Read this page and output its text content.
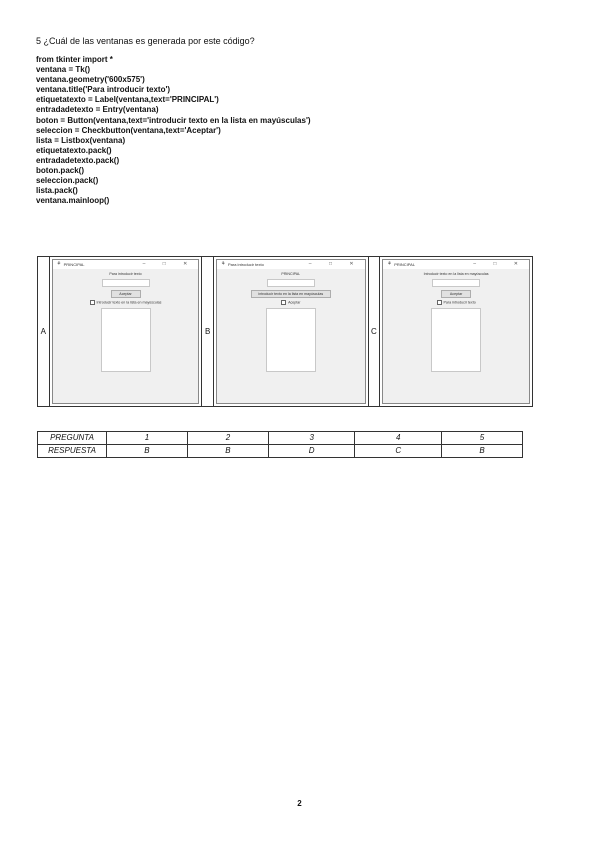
5 ¿Cuál de las ventanas es generada por este código?
from tkinter import *
ventana = Tk()
ventana.geometry('600x575')
ventana.title('Para introducir texto')
etiquetatexto = Label(ventana,text='PRINCIPAL')
entradadetexto = Entry(ventana)
boton = Button(ventana,text='introducir texto en la lista en mayúsculas')
seleccion = Checkbutton(ventana,text='Aceptar')
lista = Listbox(ventana)
etiquetatexto.pack()
entradadetexto.pack()
boton.pack()
seleccion.pack()
lista.pack()
ventana.mainloop()
A	
⚘ PRINCIPAL	– □ ✕
Para introducir texto
Aceptar
Introducir texto en la lista en mayúsculas
	B	
⚘ Para introducir texto	– □ ✕
PRINCIPAL
introducir texto en la lista en mayúsculas
Aceptar
	C	
⚘ PRINCIPAL	– □ ✕
Introducir texto en la lista en mayúsculas
Aceptar
Para introducir texto
PREGUNTA	1	2	3	4	5
RESPUESTA	B	B	D	C	B
2
